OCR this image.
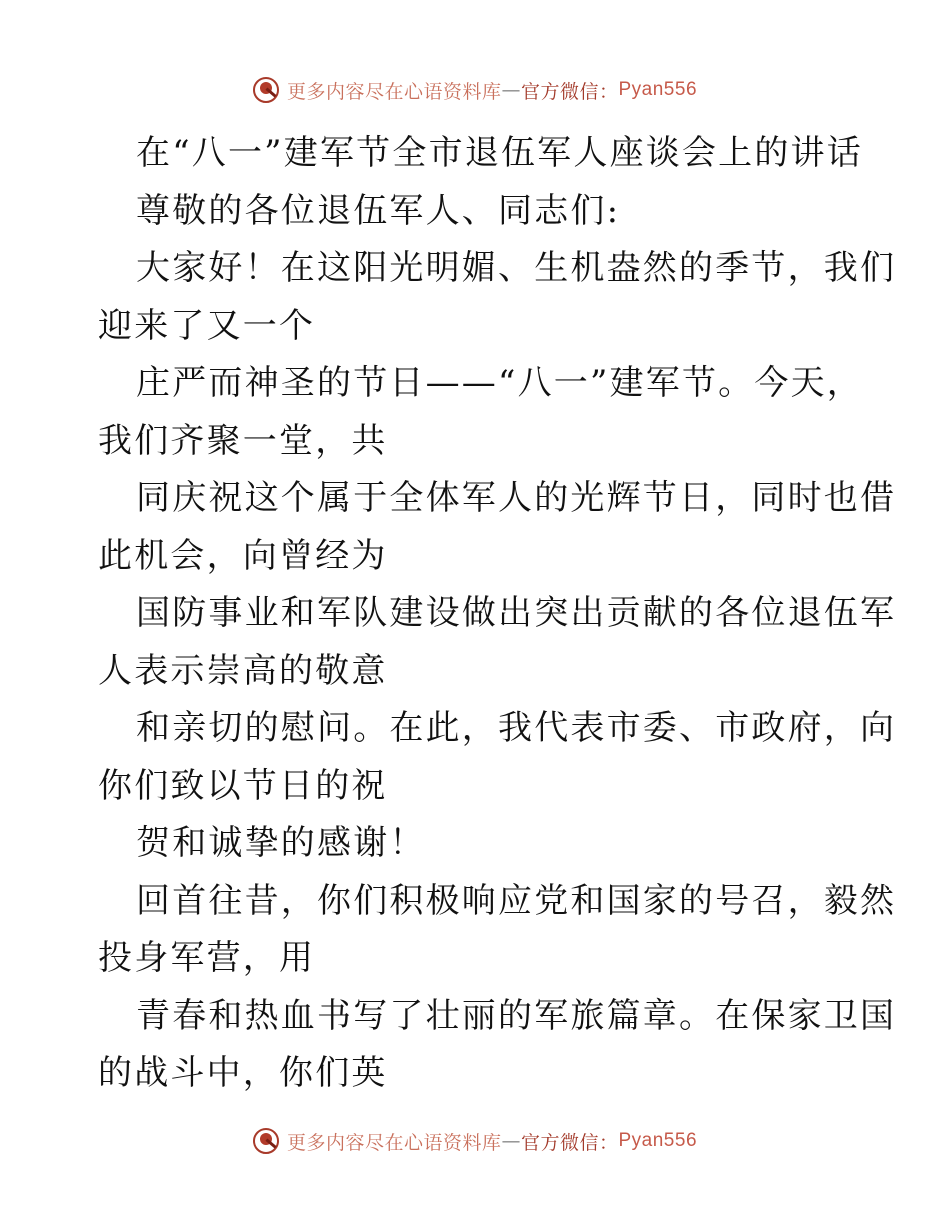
更多内容尽在心语资料库 — 官方微信： Pyan556
在“八一”建军节全市退伍军人座谈会上的讲话
尊敬的各位退伍军人、同志们:
大家好！在这阳光明媚、生机盎然的季节，我们
迎来了又一个
庄严而神圣的节日——“八一”建军节。今天，
我们齐聚一堂，共
同庆祝这个属于全体军人的光辉节日，同时也借
此机会，向曾经为
国防事业和军队建设做出突出贡献的各位退伍军
人表示崇高的敬意
和亲切的慰问。在此，我代表市委、市政府，向
你们致以节日的祝
贺和诚挚的感谢！
回首往昔，你们积极响应党和国家的号召，毅然
投身军营，用
青春和热血书写了壮丽的军旅篇章。在保家卫国
的战斗中，你们英
更多内容尽在心语资料库 — 官方微信： Pyan556
